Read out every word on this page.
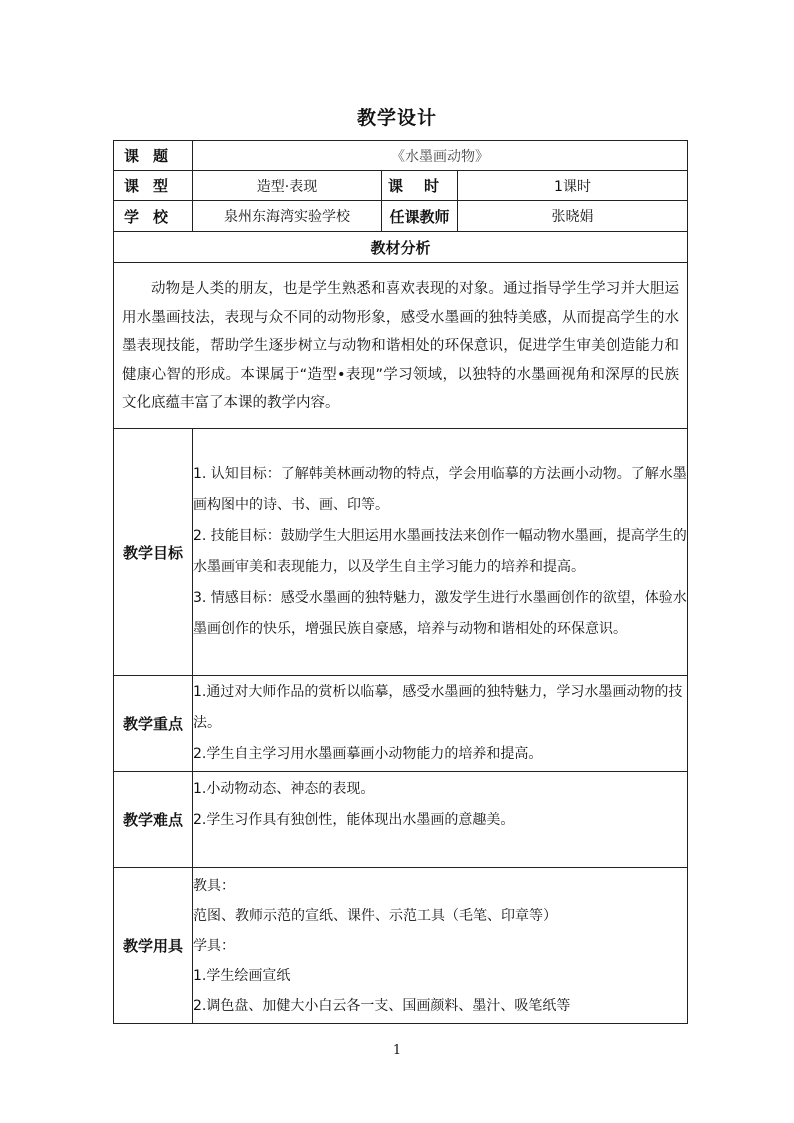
教学设计
课 题	《水墨画动物》		

课 型	造型·表现	课 时	1课时

学 校	泉州东海湾实验学校	任课教师	张晓娟
教材分析			

动物是人类的朋友，也是学生熟悉和喜欢表现的对象。通过指导学生学习并大胆运用水墨画技法，表现与众不同的动物形象，感受水墨画的独特美感，从而提高学生的水墨表现技能，帮助学生逐步树立与动物和谐相处的环保意识，促进学生审美创造能力和健康心智的形成。本课属于“造型•表现”学习领域，以独特的水墨画视角和深厚的民族文化底蕴丰富了本课的教学内容。			

教学目标	1. 认知目标：了解韩美林画动物的特点，学会用临摹的方法画小动物。了解水墨画构图中的诗、书、画、印等。

2. 技能目标：鼓励学生大胆运用水墨画技法来创作一幅动物水墨画，提高学生的水墨画审美和表现能力，以及学生自主学习能力的培养和提高。

3. 情感目标：感受水墨画的独特魅力，激发学生进行水墨画创作的欲望，体验水墨画创作的快乐，增强民族自豪感，培养与动物和谐相处的环保意识。		

教学重点	1.通过对大师作品的赏析以临摹，感受水墨画的独特魅力，学习水墨画动物的技法。

2.学生自主学习用水墨画摹画小动物能力的培养和提高。		

教学难点	1.小动物动态、神态的表现。

2.学生习作具有独创性，能体现出水墨画的意趣美。		

教学用具	教具：

范图、教师示范的宣纸、课件、示范工具（毛笔、印章等）

学具：

1.学生绘画宣纸

2.调色盘、加健大小白云各一支、国画颜料、墨汁、吸笔纸等		

1
